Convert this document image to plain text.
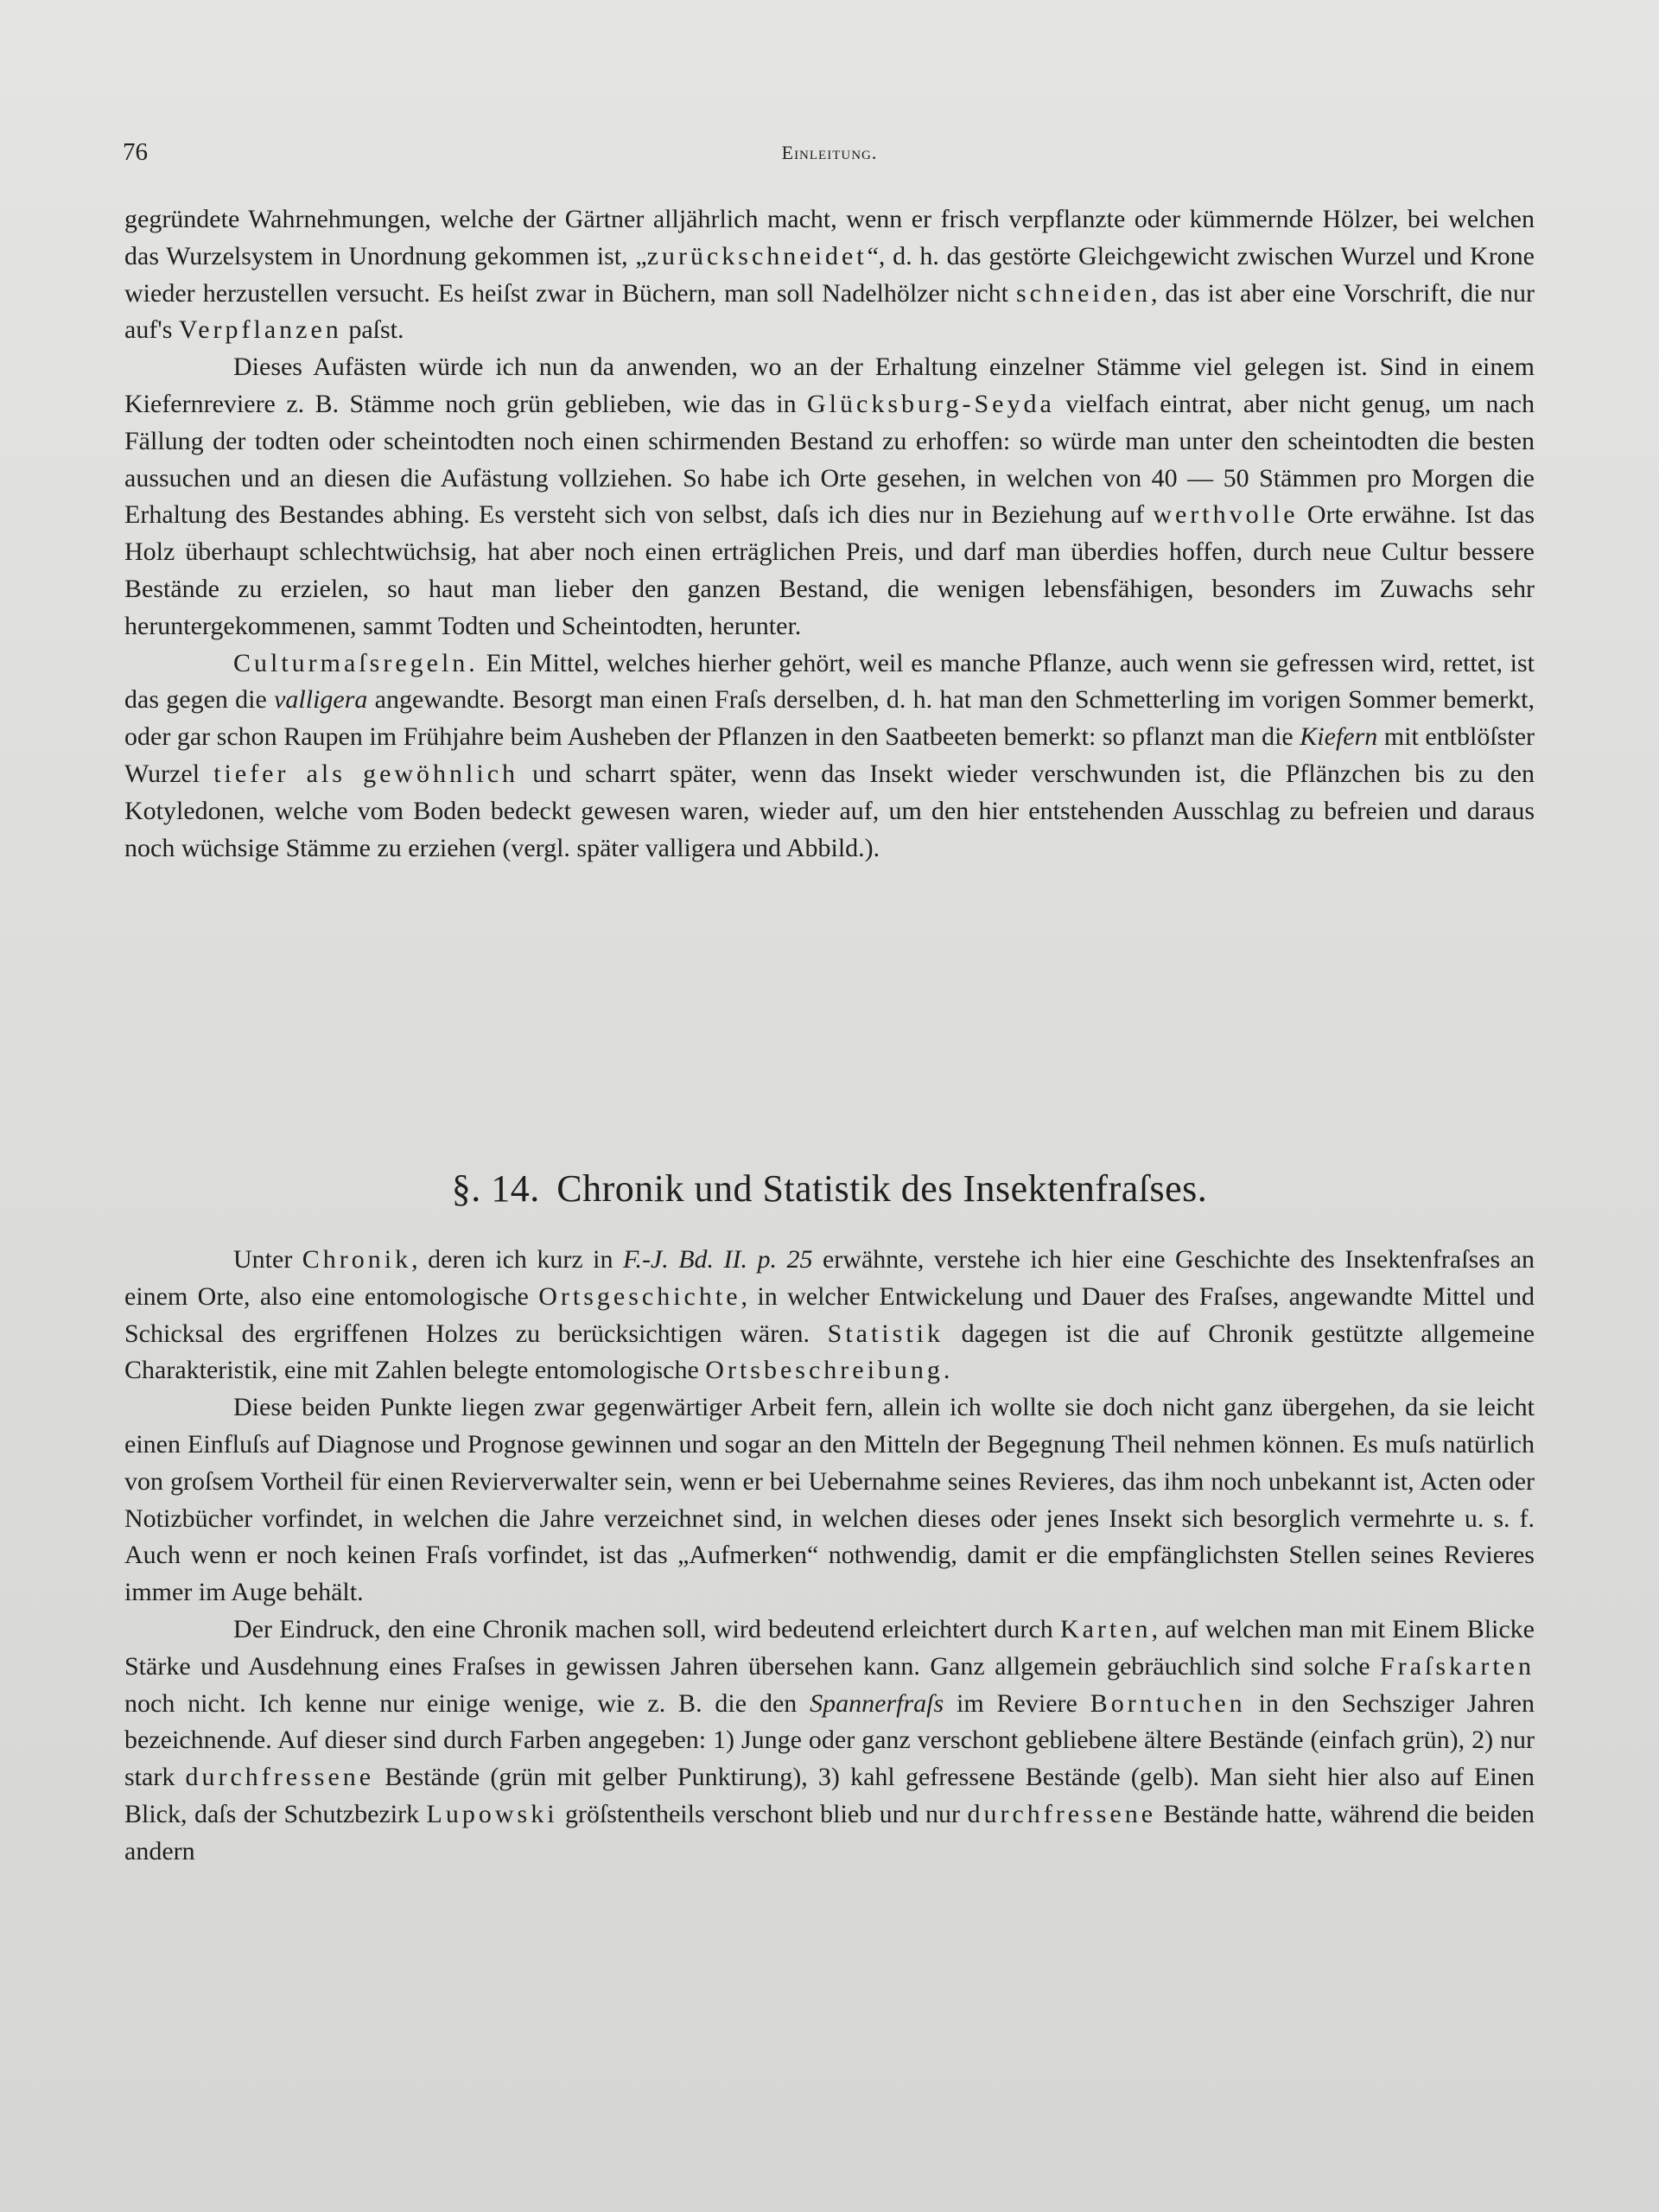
76	Einleitung.

gegründete Wahrnehmungen, welche der Gärtner alljährlich macht, wenn er frisch verpflanzte oder kümmernde Hölzer, bei welchen das Wurzelsystem in Unordnung gekommen ist, „zurückschneidet“, d. h. das gestörte Gleichgewicht zwischen Wurzel und Krone wieder herzustellen versucht. Es heiſst zwar in Büchern, man soll Nadelhölzer nicht schneiden, das ist aber eine Vorschrift, die nur auf's Verpflanzen paſst.

Dieses Aufästen würde ich nun da anwenden, wo an der Erhaltung einzelner Stämme viel gelegen ist. Sind in einem Kiefernreviere z. B. Stämme noch grün geblieben, wie das in Glücksburg-Seyda vielfach eintrat, aber nicht genug, um nach Fällung der todten oder scheintodten noch einen schirmenden Bestand zu erhoffen: so würde man unter den scheintodten die besten aussuchen und an diesen die Aufästung vollziehen. So habe ich Orte gesehen, in welchen von 40 — 50 Stämmen pro Morgen die Erhaltung des Bestandes abhing. Es versteht sich von selbst, daſs ich dies nur in Beziehung auf werthvolle Orte erwähne. Ist das Holz überhaupt schlechtwüchsig, hat aber noch einen erträglichen Preis, und darf man überdies hoffen, durch neue Cultur bessere Bestände zu erzielen, so haut man lieber den ganzen Bestand, die wenigen lebensfähigen, besonders im Zuwachs sehr heruntergekommenen, sammt Todten und Scheintodten, herunter.

Culturmaſsregeln. Ein Mittel, welches hierher gehört, weil es manche Pflanze, auch wenn sie gefressen wird, rettet, ist das gegen die valligera angewandte. Besorgt man einen Fraſs derselben, d. h. hat man den Schmetterling im vorigen Sommer bemerkt, oder gar schon Raupen im Frühjahre beim Ausheben der Pflanzen in den Saatbeeten bemerkt: so pflanzt man die Kiefern mit entblöſster Wurzel tiefer als gewöhnlich und scharrt später, wenn das Insekt wieder verschwunden ist, die Pflänzchen bis zu den Kotyledonen, welche vom Boden bedeckt gewesen waren, wieder auf, um den hier entstehenden Ausschlag zu befreien und daraus noch wüchsige Stämme zu erziehen (vergl. später valligera und Abbild.).

§. 14. Chronik und Statistik des Insektenfraſses.

Unter Chronik, deren ich kurz in F.-J. Bd. II. p. 25 erwähnte, verstehe ich hier eine Geschichte des Insektenfraſses an einem Orte, also eine entomologische Ortsgeschichte, in welcher Entwickelung und Dauer des Fraſses, angewandte Mittel und Schicksal des ergriffenen Holzes zu berücksichtigen wären. Statistik dagegen ist die auf Chronik gestützte allgemeine Charakteristik, eine mit Zahlen belegte entomologische Ortsbeschreibung.

Diese beiden Punkte liegen zwar gegenwärtiger Arbeit fern, allein ich wollte sie doch nicht ganz übergehen, da sie leicht einen Einfluſs auf Diagnose und Prognose gewinnen und sogar an den Mitteln der Begegnung Theil nehmen können. Es muſs natürlich von groſsem Vortheil für einen Revierverwalter sein, wenn er bei Uebernahme seines Revieres, das ihm noch unbekannt ist, Acten oder Notizbücher vorfindet, in welchen die Jahre verzeichnet sind, in welchen dieses oder jenes Insekt sich besorglich vermehrte u. s. f. Auch wenn er noch keinen Fraſs vorfindet, ist das „Aufmerken“ nothwendig, damit er die empfänglichsten Stellen seines Revieres immer im Auge behält.

Der Eindruck, den eine Chronik machen soll, wird bedeutend erleichtert durch Karten, auf welchen man mit Einem Blicke Stärke und Ausdehnung eines Fraſses in gewissen Jahren übersehen kann. Ganz allgemein gebräuchlich sind solche Fraſskarten noch nicht. Ich kenne nur einige wenige, wie z. B. die den Spannerfraſs im Reviere Borntuchen in den Sechsziger Jahren bezeichnende. Auf dieser sind durch Farben angegeben: 1) Junge oder ganz verschont gebliebene ältere Bestände (einfach grün), 2) nur stark durchfressene Bestände (grün mit gelber Punktirung), 3) kahl gefressene Bestände (gelb). Man sieht hier also auf Einen Blick, daſs der Schutzbezirk Lupowski gröſstentheils verschont blieb und nur durchfressene Bestände hatte, während die beiden andern
